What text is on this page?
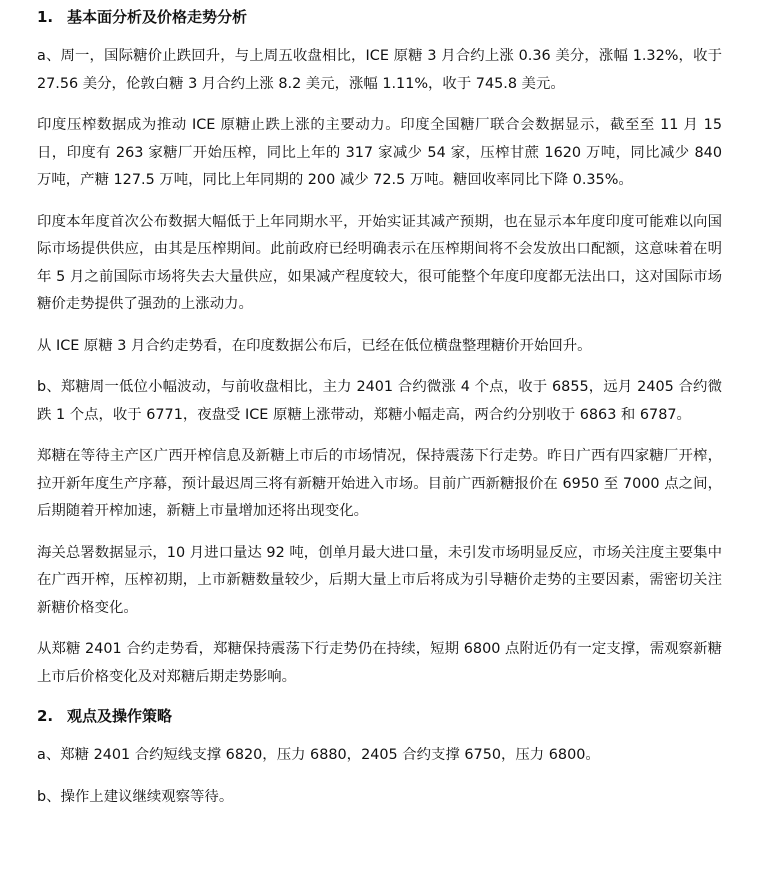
1. 基本面分析及价格走势分析

a、周一，国际糖价止跌回升，与上周五收盘相比，ICE 原糖 3 月合约上涨 0.36 美分，涨幅 1.32%，收于 27.56 美分，伦敦白糖 3 月合约上涨 8.2 美元，涨幅 1.11%，收于 745.8 美元。

印度压榨数据成为推动 ICE 原糖止跌上涨的主要动力。印度全国糖厂联合会数据显示，截至至 11 月 15 日，印度有 263 家糖厂开始压榨，同比上年的 317 家减少 54 家，压榨甘蔗 1620 万吨，同比减少 840 万吨，产糖 127.5 万吨，同比上年同期的 200 减少 72.5 万吨。糖回收率同比下降 0.35%。

印度本年度首次公布数据大幅低于上年同期水平，开始实证其减产预期，也在显示本年度印度可能难以向国际市场提供供应，由其是压榨期间。此前政府已经明确表示在压榨期间将不会发放出口配额，这意味着在明年 5 月之前国际市场将失去大量供应，如果减产程度较大，很可能整个年度印度都无法出口，这对国际市场糖价走势提供了强劲的上涨动力。

从 ICE 原糖 3 月合约走势看，在印度数据公布后，已经在低位横盘整理糖价开始回升。

b、郑糖周一低位小幅波动，与前收盘相比，主力 2401 合约微涨 4 个点，收于 6855，远月 2405 合约微跌 1 个点，收于 6771，夜盘受 ICE 原糖上涨带动，郑糖小幅走高，两合约分别收于 6863 和 6787。

郑糖在等待主产区广西开榨信息及新糖上市后的市场情况，保持震荡下行走势。昨日广西有四家糖厂开榨，拉开新年度生产序幕，预计最迟周三将有新糖开始进入市场。目前广西新糖报价在 6950 至 7000 点之间，后期随着开榨加速，新糖上市量增加还将出现变化。

海关总署数据显示，10 月进口量达 92 吨，创单月最大进口量，未引发市场明显反应，市场关注度主要集中在广西开榨，压榨初期，上市新糖数量较少，后期大量上市后将成为引导糖价走势的主要因素，需密切关注新糖价格变化。

从郑糖 2401 合约走势看，郑糖保持震荡下行走势仍在持续，短期 6800 点附近仍有一定支撑，需观察新糖上市后价格变化及对郑糖后期走势影响。

2. 观点及操作策略

a、郑糖 2401 合约短线支撑 6820，压力 6880，2405 合约支撑 6750，压力 6800。

b、操作上建议继续观察等待。
